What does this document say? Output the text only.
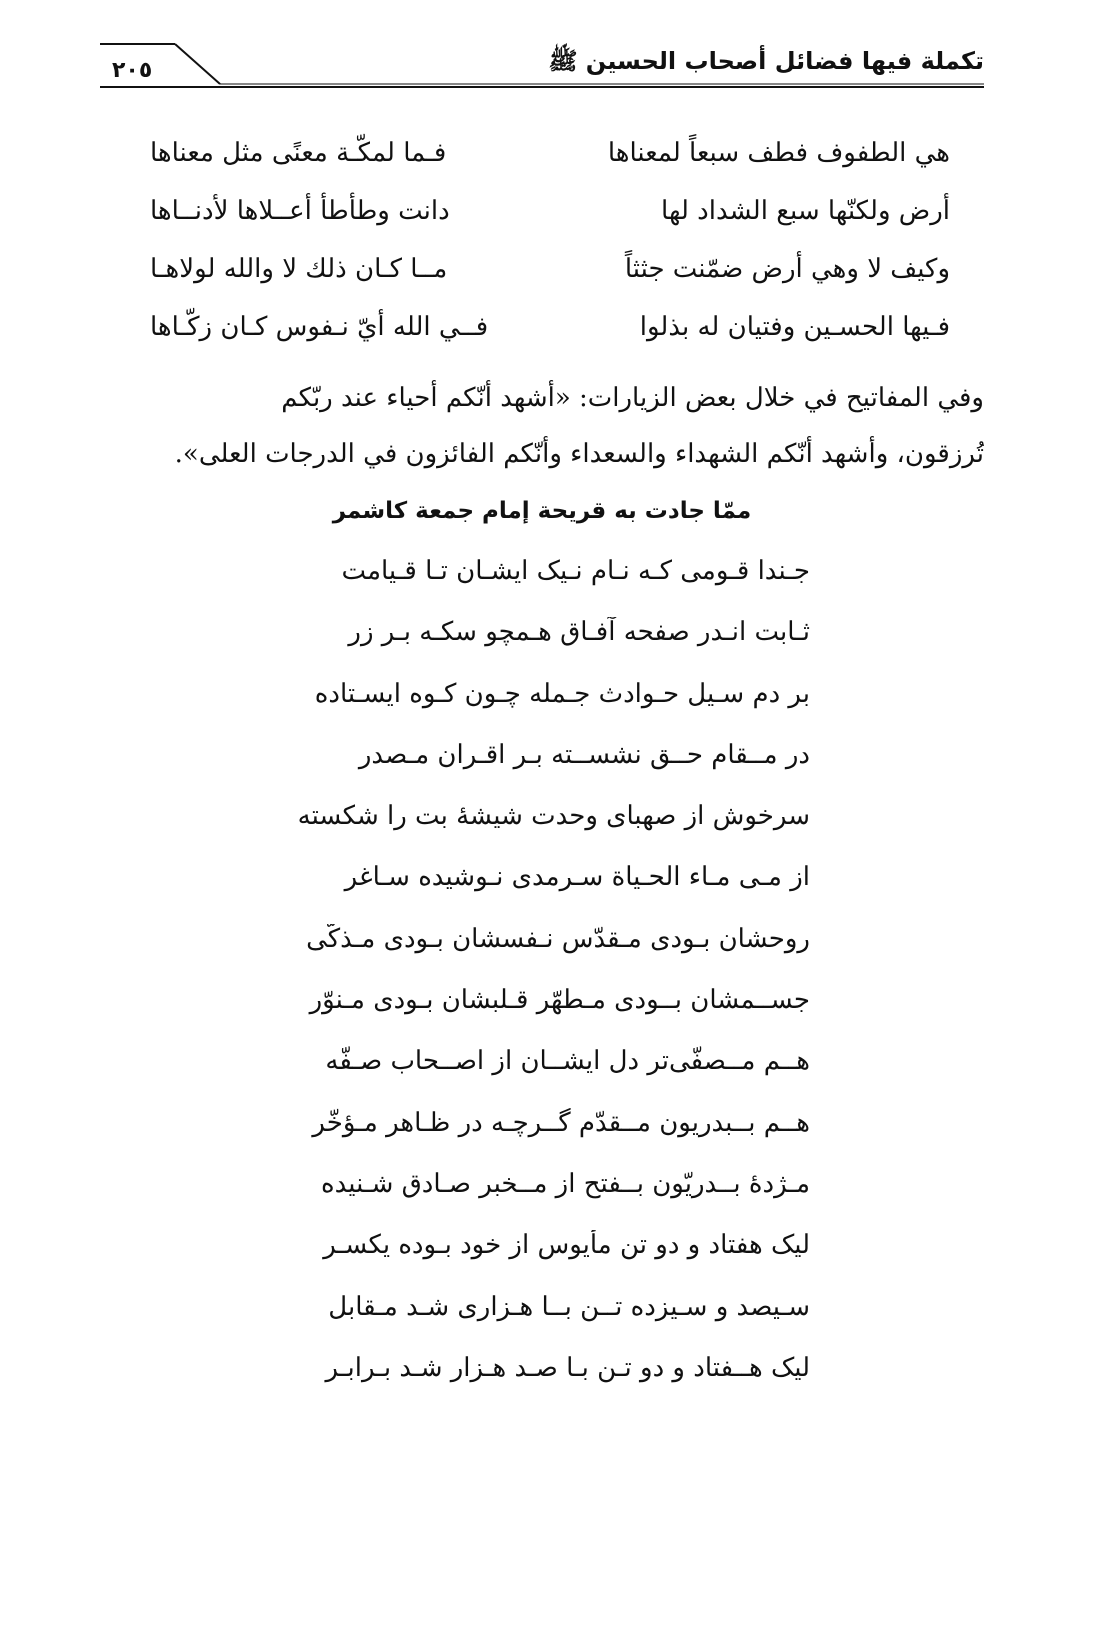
تكملة فيها فضائل أصحاب الحسين ﷺ
٢٠٥
هي الطفوف فطف سبعاً لمعناها
فـما لمكّـة معنًى مثل معناها
أرض ولكنّها سبع الشداد لها
دانت وطأطأ أعــلاها لأدنــاها
وكيف لا وهي أرض ضمّنت جثثاً
مــا كـان ذلك لا والله لولاهـا
فـيها الحسـين وفتيان له بذلوا
فــي الله أيّ نـفوس كـان زكّـاها
وفي المفاتيح في خلال بعض الزيارات: «أشهد أنّكم أحياء عند ربّكم
تُرزقون، وأشهد أنّكم الشهداء والسعداء وأنّكم الفائزون في الدرجات العلى».
ممّا جادت به قريحة إمام جمعة كاشمر
جـندا قـومى كـه نـام نـيک ايشـان تـا قـيامت
ثـابت انـدر صفحه آفـاق هـمچو سكـه بـر زر
بر دم سـيل حـوادث جـمله چـون كـوه ايسـتاده
در مــقام حــق نشســته بـر اقـران مـصدر
سرخوش از صهباى وحدت شيشهٔ بت را شكسته
از مـى مـاء الحـياة سـرمدى نـوشيده سـاغر
روحشان بـودى مـقدّس نـفسشان بـودى مـذكّى
جســمشان بــودى مـطهّر قـلبشان بـودى مـنوّر
هــم مــصفّى‌تر دل ايشــان از اصــحاب صـفّه
هــم بــبدريون مــقدّم گــرچـه در ظـاهر مـؤخّر
مـژدهٔ بــدريّون بــفتح از مــخبر صـادق شـنيده
ليک هفتاد و دو تن مأيوس از خود بـوده يكسـر
سـيصد و سـيزده تــن بــا هـزارى شـد مـقابل
ليک هــفتاد و دو تـن بـا صـد هـزار شـد بـرابـر
